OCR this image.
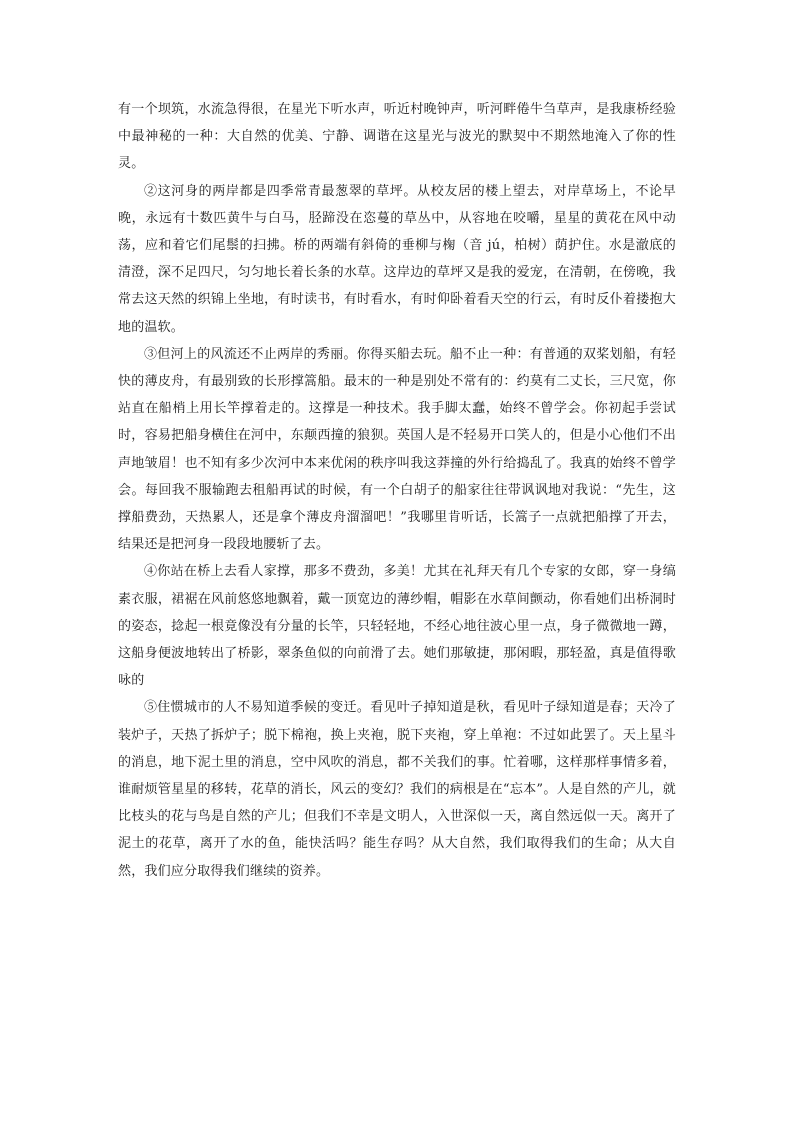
有一个坝筑，水流急得很，在星光下听水声，听近村晚钟声，听河畔倦牛刍草声，是我康桥经验中最神秘的一种：大自然的优美、宁静、调谐在这星光与波光的默契中不期然地淹入了你的性灵。

②这河身的两岸都是四季常青最葱翠的草坪。从校友居的楼上望去，对岸草场上，不论早晚，永远有十数匹黄牛与白马，胫蹄没在恣蔓的草丛中，从容地在咬嚼，星星的黄花在风中动荡，应和着它们尾鬃的扫拂。桥的两端有斜倚的垂柳与椈（音 jú，柏树）荫护住。水是澈底的清澄，深不足四尺，匀匀地长着长条的水草。这岸边的草坪又是我的爱宠，在清朝，在傍晚，我常去这天然的织锦上坐地，有时读书，有时看水，有时仰卧着看天空的行云，有时反仆着搂抱大地的温软。

③但河上的风流还不止两岸的秀丽。你得买船去玩。船不止一种：有普通的双桨划船，有轻快的薄皮舟，有最别致的长形撑篙船。最末的一种是别处不常有的：约莫有二丈长，三尺宽，你站直在船梢上用长竿撑着走的。这撑是一种技术。我手脚太蠢，始终不曾学会。你初起手尝试时，容易把船身横住在河中，东颠西撞的狼狈。英国人是不轻易开口笑人的，但是小心他们不出声地皱眉！也不知有多少次河中本来优闲的秩序叫我这莽撞的外行给捣乱了。我真的始终不曾学会。每回我不服输跑去租船再试的时候，有一个白胡子的船家往往带讽讽地对我说：“先生，这撑船费劲，天热累人，还是拿个薄皮舟溜溜吧！”我哪里肯听话，长篙子一点就把船撑了开去，结果还是把河身一段段地腰斩了去。

④你站在桥上去看人家撑，那多不费劲，多美！尤其在礼拜天有几个专家的女郎，穿一身缟素衣服，裙裾在风前悠悠地飘着，戴一顶宽边的薄纱帽，帽影在水草间颤动，你看她们出桥洞时的姿态，捻起一根竟像没有分量的长竿，只轻轻地，不经心地往波心里一点，身子微微地一蹲，这船身便波地转出了桥影，翠条鱼似的向前滑了去。她们那敏捷，那闲暇，那轻盈，真是值得歌咏的

⑤住惯城市的人不易知道季候的变迁。看见叶子掉知道是秋，看见叶子绿知道是春；天冷了装炉子，天热了拆炉子；脱下棉袍，换上夹袍，脱下夹袍，穿上单袍：不过如此罢了。天上星斗的消息，地下泥土里的消息，空中风吹的消息，都不关我们的事。忙着哪，这样那样事情多着，谁耐烦管星星的移转，花草的消长，风云的变幻？我们的病根是在“忘本”。人是自然的产儿，就比枝头的花与鸟是自然的产儿；但我们不幸是文明人，入世深似一天，离自然远似一天。离开了泥土的花草，离开了水的鱼，能快活吗？能生存吗？从大自然，我们取得我们的生命；从大自然，我们应分取得我们继续的资养。
